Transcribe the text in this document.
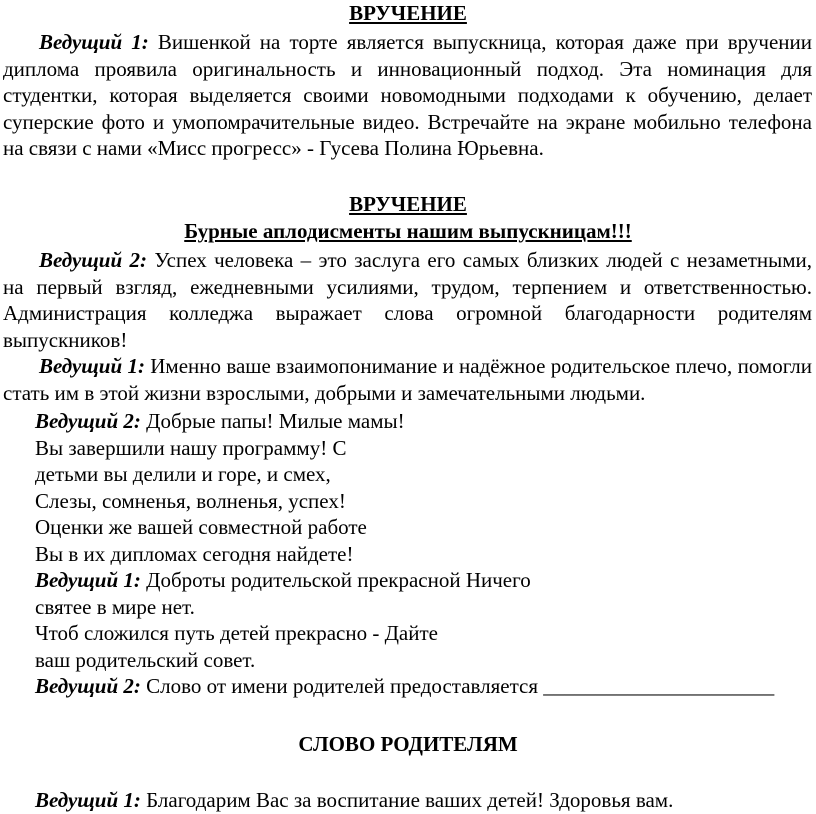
ВРУЧЕНИЕ

Ведущий 1: Вишенкой на торте является выпускница, которая даже при вручении диплома проявила оригинальность и инновационный подход. Эта номинация для студентки, которая выделяется своими новомодными подходами к обучению, делает суперские фото и умопомрачительные видео. Встречайте на экране мобильно телефона на связи с нами «Мисс прогресс» - Гусева Полина Юрьевна.

ВРУЧЕНИЕ

Бурные аплодисменты нашим выпускницам!!!

Ведущий 2: Успех человека – это заслуга его самых близких людей с незаметными, на первый взгляд, ежедневными усилиями, трудом, терпением и ответственностью. Администрация колледжа выражает слова огромной благодарности родителям выпускников!

Ведущий 1: Именно ваше взаимопонимание и надёжное родительское плечо, помогли стать им в этой жизни взрослыми, добрыми и замечательными людьми.

Ведущий 2: Добрые папы! Милые мамы!

Вы завершили нашу программу! С

детьми вы делили и горе, и смех,

Слезы, сомненья, волненья, успех!

Оценки же вашей совместной работе

Вы в их дипломах сегодня найдете!

Ведущий 1: Доброты родительской прекрасной Ничего

святее в мире нет.

Чтоб сложился путь детей прекрасно - Дайте

ваш родительский совет.

Ведущий 2: Слово от имени родителей предоставляется ______________________

СЛОВО РОДИТЕЛЯМ

Ведущий 1: Благодарим Вас за воспитание ваших детей! Здоровья вам.
